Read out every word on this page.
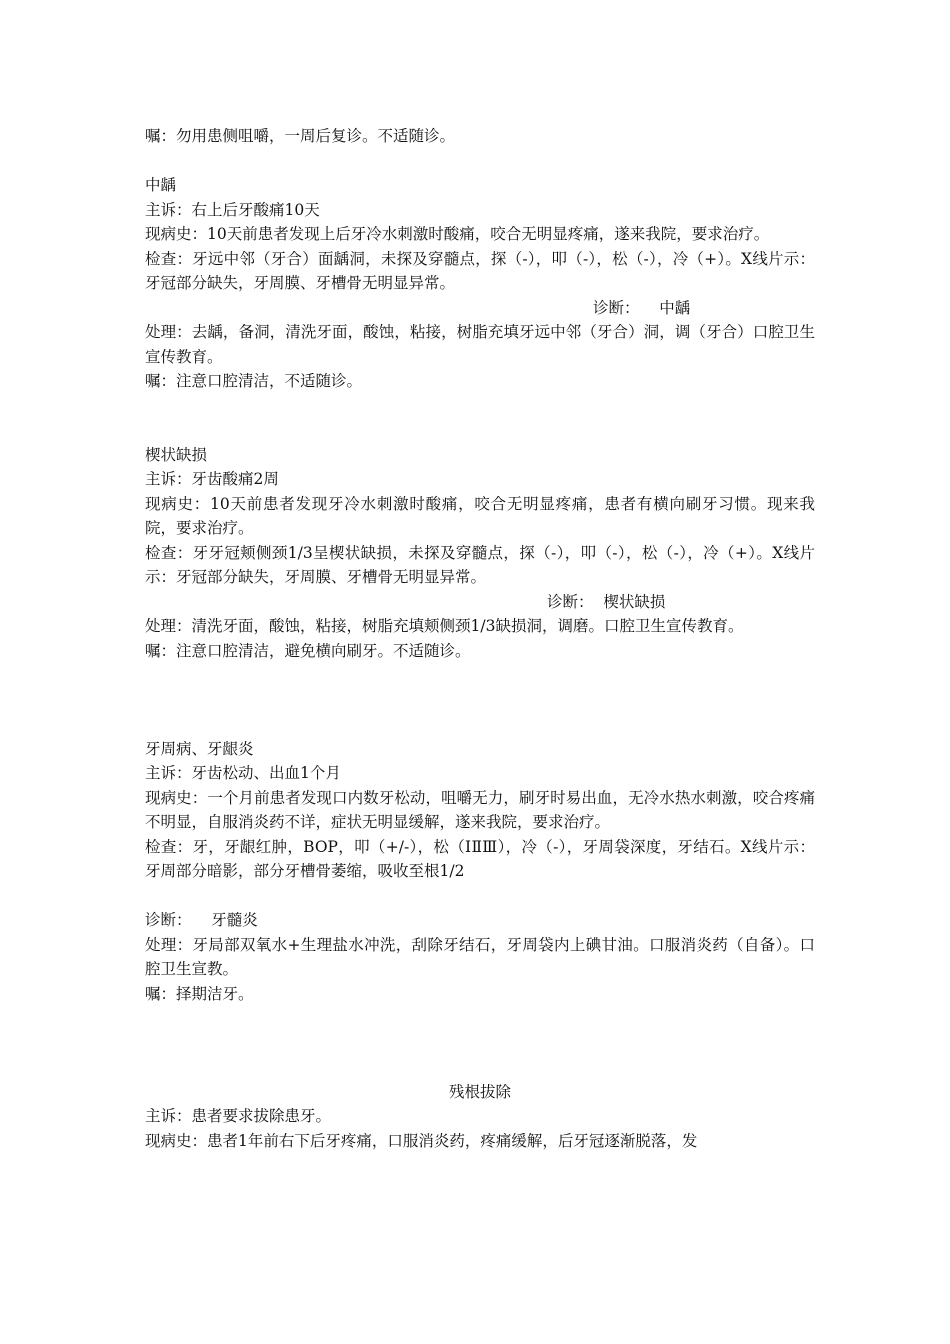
嘱：勿用患侧咀嚼，一周后复诊。不适随诊。
中龋
主诉：右上后牙酸痛10天
现病史：10天前患者发现上后牙冷水刺激时酸痛，咬合无明显疼痛，遂来我院，要求治疗。
检查：牙远中邻（牙合）面龋洞，未探及穿髓点，探（-），叩（-），松（-），冷（+）。X线片示：牙冠部分缺失，牙周膜、牙槽骨无明显异常。
诊断：    中龋
处理：去龋，备洞，清洗牙面，酸蚀，粘接，树脂充填牙远中邻（牙合）洞，调（牙合）口腔卫生宣传教育。
嘱：注意口腔清洁，不适随诊。
楔状缺损
主诉：牙齿酸痛2周
现病史：10天前患者发现牙冷水刺激时酸痛，咬合无明显疼痛，患者有横向刷牙习惯。现来我院，要求治疗。
检查：牙牙冠颊侧颈1/3呈楔状缺损，未探及穿髓点，探（-），叩（-），松（-），冷（+）。X线片示：牙冠部分缺失，牙周膜、牙槽骨无明显异常。
诊断：  楔状缺损
处理：清洗牙面，酸蚀，粘接，树脂充填颊侧颈1/3缺损洞，调磨。口腔卫生宣传教育。
嘱：注意口腔清洁，避免横向刷牙。不适随诊。
牙周病、牙龈炎
主诉：牙齿松动、出血1个月
现病史：一个月前患者发现口内数牙松动，咀嚼无力，刷牙时易出血，无冷水热水刺激，咬合疼痛不明显，自服消炎药不详，症状无明显缓解，遂来我院，要求治疗。
检查：牙，牙龈红肿，BOP，叩（+/-），松（ⅠⅡⅢ），冷（-），牙周袋深度，牙结石。X线片示：牙周部分暗影，部分牙槽骨萎缩，吸收至根1/2
诊断：    牙髓炎
处理：牙局部双氧水+生理盐水冲洗，刮除牙结石，牙周袋内上碘甘油。口服消炎药（自备）。口腔卫生宣教。
嘱：择期洁牙。
残根拔除
主诉：患者要求拔除患牙。
现病史：患者1年前右下后牙疼痛，口服消炎药，疼痛缓解，后牙冠逐渐脱落，发
